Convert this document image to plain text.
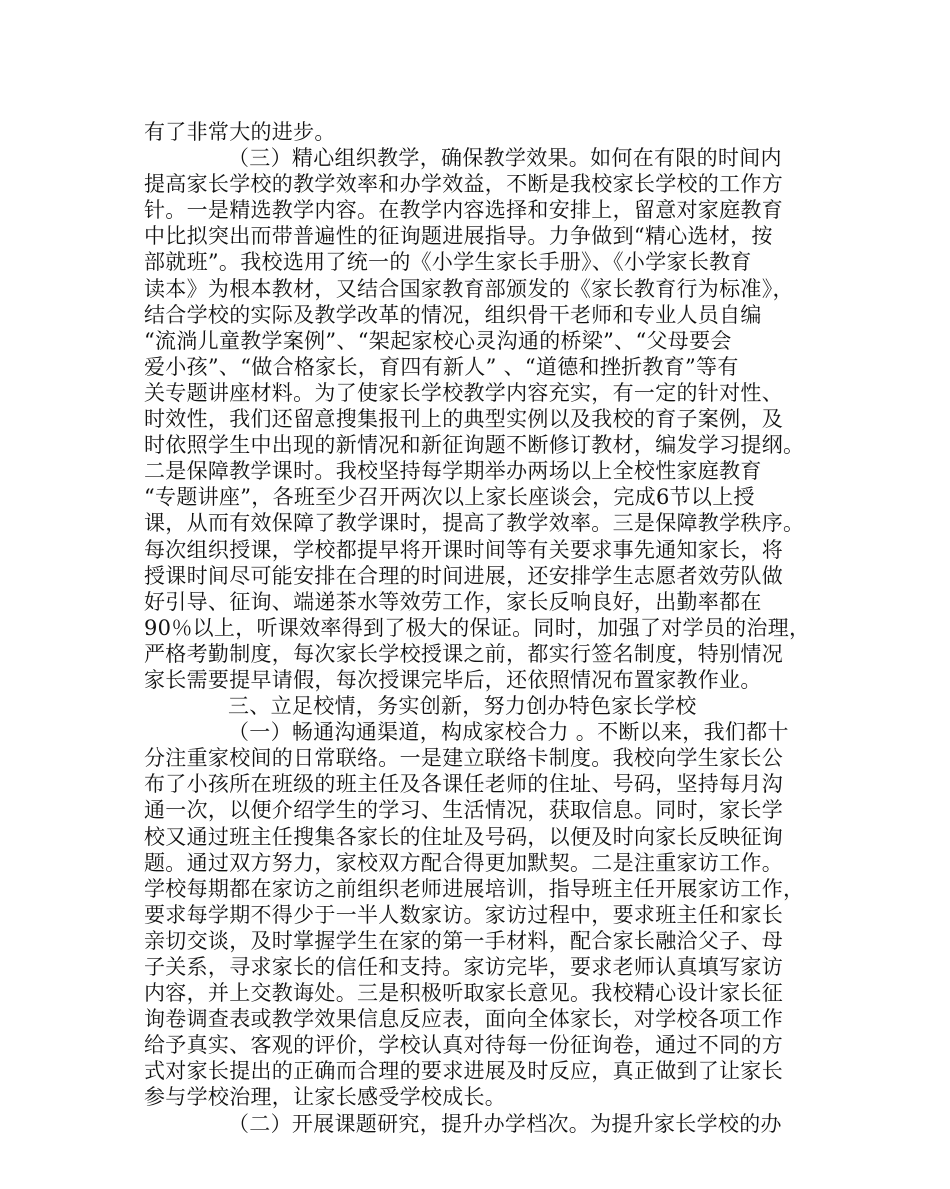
有了非常大的进步。
（三）精心组织教学，确保教学效果。如何在有限的时间内
提高家长学校的教学效率和办学效益，不断是我校家长学校的工作方
针。一是精选教学内容。在教学内容选择和安排上，留意对家庭教育
中比拟突出而带普遍性的征询题进展指导。力争做到“精心选材，按
部就班”。我校选用了统一的《小学生家长手册》、《小学家长教育
读本》为根本教材，又结合国家教育部颁发的《家长教育行为标准》，
结合学校的实际及教学改革的情况，组织骨干老师和专业人员自编
“流淌儿童教学案例”、“架起家校心灵沟通的桥梁”、“父母要会
爱小孩”、“做合格家长，育四有新人” 、“道德和挫折教育”等有
关专题讲座材料。为了使家长学校教学内容充实，有一定的针对性、
时效性，我们还留意搜集报刊上的典型实例以及我校的育子案例，及
时依照学生中出现的新情况和新征询题不断修订教材，编发学习提纲。
二是保障教学课时。我校坚持每学期举办两场以上全校性家庭教育
“专题讲座”，各班至少召开两次以上家长座谈会，完成6节以上授
课，从而有效保障了教学课时，提高了教学效率。三是保障教学秩序。
每次组织授课，学校都提早将开课时间等有关要求事先通知家长，将
授课时间尽可能安排在合理的时间进展，还安排学生志愿者效劳队做
好引导、征询、端递茶水等效劳工作，家长反响良好，出勤率都在
90％以上，听课效率得到了极大的保证。同时，加强了对学员的治理，
严格考勤制度，每次家长学校授课之前，都实行签名制度，特别情况
家长需要提早请假，每次授课完毕后，还依照情况布置家教作业。
三、立足校情，务实创新，努力创办特色家长学校
（一）畅通沟通渠道，构成家校合力 。不断以来，我们都十
分注重家校间的日常联络。一是建立联络卡制度。我校向学生家长公
布了小孩所在班级的班主任及各课任老师的住址、号码，坚持每月沟
通一次，以便介绍学生的学习、生活情况，获取信息。同时，家长学
校又通过班主任搜集各家长的住址及号码，以便及时向家长反映征询
题。通过双方努力，家校双方配合得更加默契。二是注重家访工作。
学校每期都在家访之前组织老师进展培训，指导班主任开展家访工作，
要求每学期不得少于一半人数家访。家访过程中，要求班主任和家长
亲切交谈，及时掌握学生在家的第一手材料，配合家长融洽父子、母
子关系，寻求家长的信任和支持。家访完毕，要求老师认真填写家访
内容，并上交教诲处。三是积极听取家长意见。我校精心设计家长征
询卷调查表或教学效果信息反应表，面向全体家长，对学校各项工作
给予真实、客观的评价，学校认真对待每一份征询卷，通过不同的方
式对家长提出的正确而合理的要求进展及时反应，真正做到了让家长
参与学校治理，让家长感受学校成长。
（二）开展课题研究，提升办学档次。为提升家长学校的办
